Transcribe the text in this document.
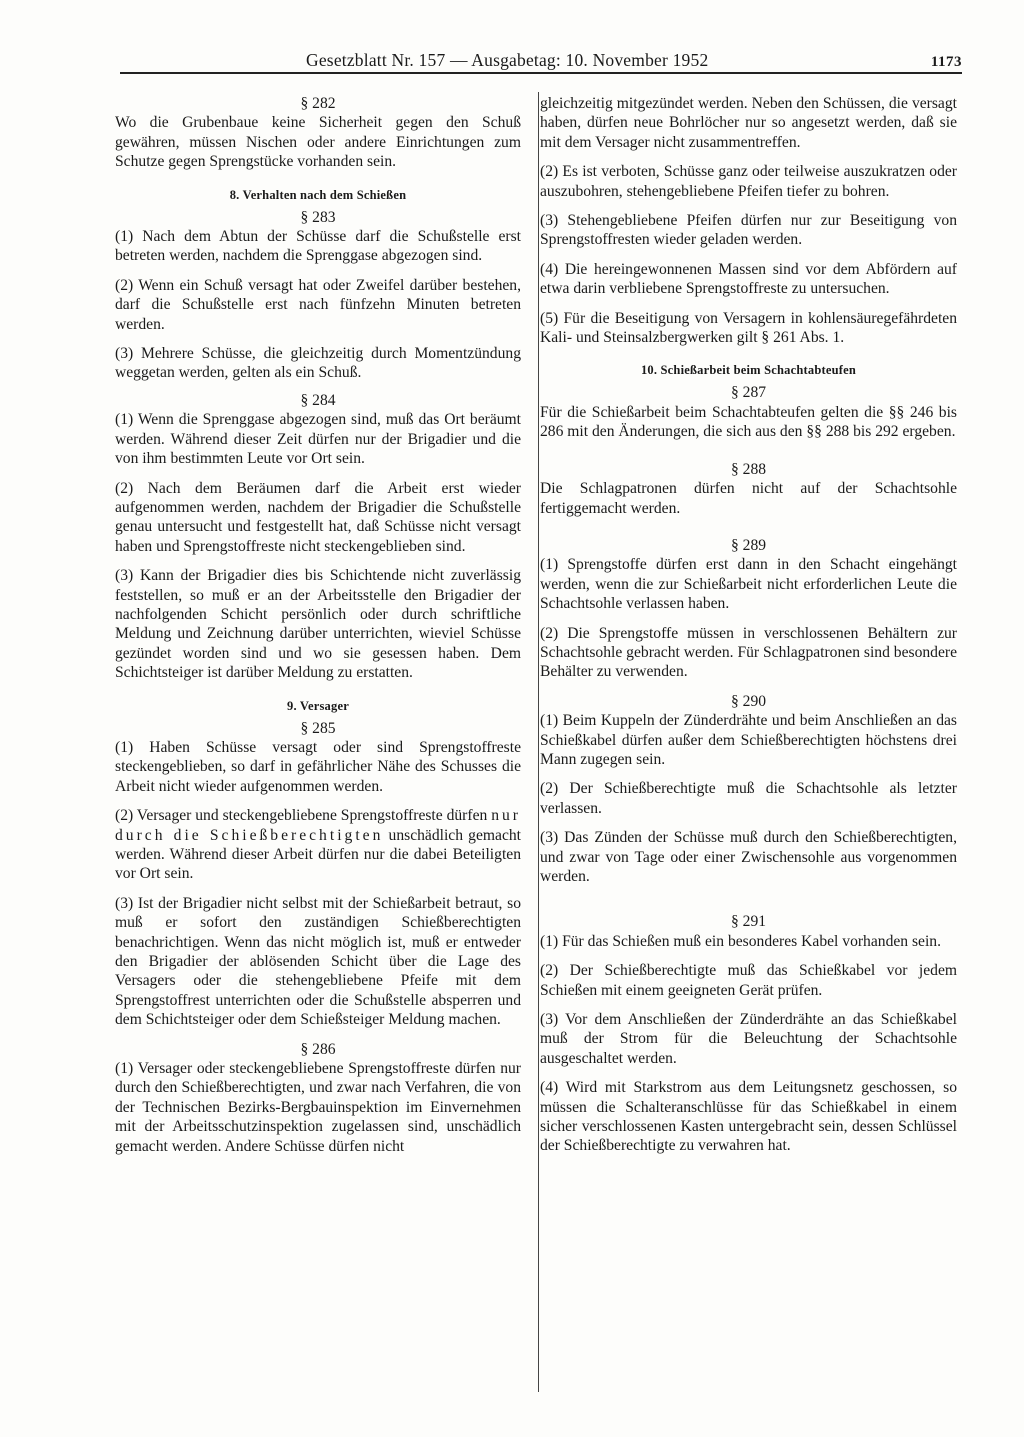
Gesetzblatt Nr. 157 — Ausgabetag: 10. November 1952	1173

§ 282

Wo die Grubenbaue keine Sicherheit gegen den Schuß gewähren, müssen Nischen oder andere Einrichtungen zum Schutze gegen Sprengstücke vorhanden sein.

8. Verhalten nach dem Schießen

§ 283

(1) Nach dem Abtun der Schüsse darf die Schußstelle erst betreten werden, nachdem die Sprenggase abgezogen sind.

(2) Wenn ein Schuß versagt hat oder Zweifel darüber bestehen, darf die Schußstelle erst nach fünfzehn Minuten betreten werden.

(3) Mehrere Schüsse, die gleichzeitig durch Momentzündung weggetan werden, gelten als ein Schuß.

§ 284

(1) Wenn die Sprenggase abgezogen sind, muß das Ort beräumt werden. Während dieser Zeit dürfen nur der Brigadier und die von ihm bestimmten Leute vor Ort sein.

(2) Nach dem Beräumen darf die Arbeit erst wieder aufgenommen werden, nachdem der Brigadier die Schußstelle genau untersucht und festgestellt hat, daß Schüsse nicht versagt haben und Sprengstoffreste nicht steckengeblieben sind.

(3) Kann der Brigadier dies bis Schichtende nicht zuverlässig feststellen, so muß er an der Arbeitsstelle den Brigadier der nachfolgenden Schicht persönlich oder durch schriftliche Meldung und Zeichnung darüber unterrichten, wieviel Schüsse gezündet worden sind und wo sie gesessen haben. Dem Schichtsteiger ist darüber Meldung zu erstatten.

9. Versager

§ 285

(1) Haben Schüsse versagt oder sind Sprengstoffreste steckengeblieben, so darf in gefährlicher Nähe des Schusses die Arbeit nicht wieder aufgenommen werden.

(2) Versager und steckengebliebene Sprengstoffreste dürfen nur durch die Schießberechtigten unschädlich gemacht werden. Während dieser Arbeit dürfen nur die dabei Beteiligten vor Ort sein.

(3) Ist der Brigadier nicht selbst mit der Schießarbeit betraut, so muß er sofort den zuständigen Schießberechtigten benachrichtigen. Wenn das nicht möglich ist, muß er entweder den Brigadier der ablösenden Schicht über die Lage des Versagers oder die stehengebliebene Pfeife mit dem Sprengstoffrest unterrichten oder die Schußstelle absperren und dem Schichtsteiger oder dem Schießsteiger Meldung machen.

§ 286

(1) Versager oder steckengebliebene Sprengstoffreste dürfen nur durch den Schießberechtigten, und zwar nach Verfahren, die von der Technischen Bezirks-Bergbauinspektion im Einvernehmen mit der Arbeitsschutzinspektion zugelassen sind, unschädlich gemacht werden. Andere Schüsse dürfen nicht

gleichzeitig mitgezündet werden. Neben den Schüssen, die versagt haben, dürfen neue Bohrlöcher nur so angesetzt werden, daß sie mit dem Versager nicht zusammentreffen.

(2) Es ist verboten, Schüsse ganz oder teilweise auszukratzen oder auszubohren, stehengebliebene Pfeifen tiefer zu bohren.

(3) Stehengebliebene Pfeifen dürfen nur zur Beseitigung von Sprengstoffresten wieder geladen werden.

(4) Die hereingewonnenen Massen sind vor dem Abfördern auf etwa darin verbliebene Sprengstoffreste zu untersuchen.

(5) Für die Beseitigung von Versagern in kohlensäuregefährdeten Kali- und Steinsalzbergwerken gilt § 261 Abs. 1.

10. Schießarbeit beim Schachtabteufen

§ 287

Für die Schießarbeit beim Schachtabteufen gelten die §§ 246 bis 286 mit den Änderungen, die sich aus den §§ 288 bis 292 ergeben.

§ 288

Die Schlagpatronen dürfen nicht auf der Schachtsohle fertiggemacht werden.

§ 289

(1) Sprengstoffe dürfen erst dann in den Schacht eingehängt werden, wenn die zur Schießarbeit nicht erforderlichen Leute die Schachtsohle verlassen haben.

(2) Die Sprengstoffe müssen in verschlossenen Behältern zur Schachtsohle gebracht werden. Für Schlagpatronen sind besondere Behälter zu verwenden.

§ 290

(1) Beim Kuppeln der Zünderdrähte und beim Anschließen an das Schießkabel dürfen außer dem Schießberechtigten höchstens drei Mann zugegen sein.

(2) Der Schießberechtigte muß die Schachtsohle als letzter verlassen.

(3) Das Zünden der Schüsse muß durch den Schießberechtigten, und zwar von Tage oder einer Zwischensohle aus vorgenommen werden.

§ 291

(1) Für das Schießen muß ein besonderes Kabel vorhanden sein.

(2) Der Schießberechtigte muß das Schießkabel vor jedem Schießen mit einem geeigneten Gerät prüfen.

(3) Vor dem Anschließen der Zünderdrähte an das Schießkabel muß der Strom für die Beleuchtung der Schachtsohle ausgeschaltet werden.

(4) Wird mit Starkstrom aus dem Leitungsnetz geschossen, so müssen die Schalteranschlüsse für das Schießkabel in einem sicher verschlossenen Kasten untergebracht sein, dessen Schlüssel der Schießberechtigte zu verwahren hat.
